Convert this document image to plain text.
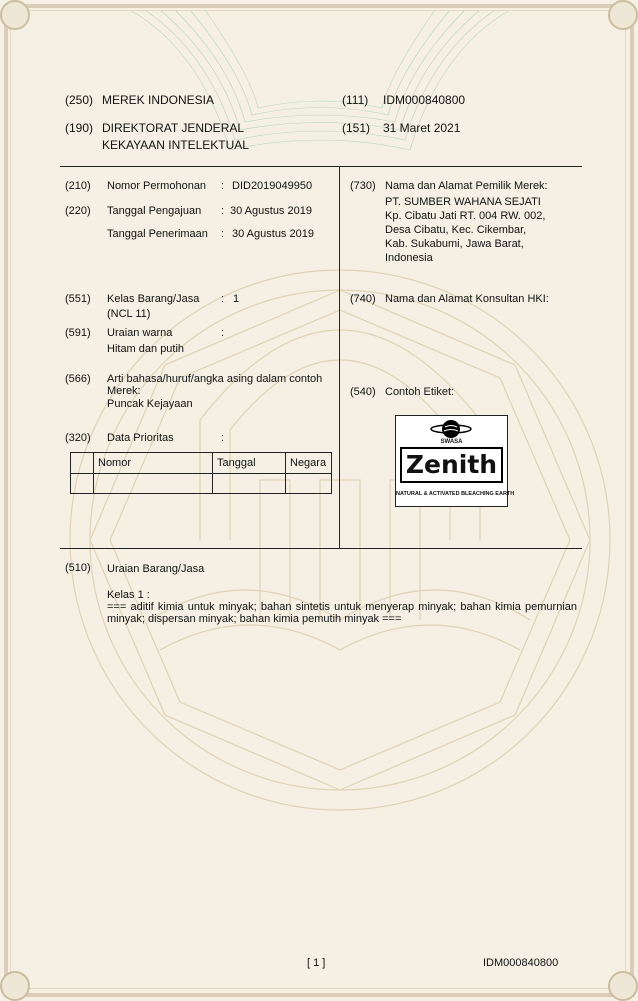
(250) MEREK INDONESIA	(111) IDM000840800
(190) DIREKTORAT JENDERAL
KEKAYAAN INTELEKTUAL
(151) 31 Maret 2021
(210) Nomor Permohonan : DID2019049950
(220) Tanggal Pengajuan : 30 Agustus 2019
Tanggal Penerimaan : 30 Agustus 2019
(551) Kelas Barang/Jasa : 1
(NCL 11)
(591) Uraian warna	:
Hitam dan putih
(566) Arti bahasa/huruf/angka asing dalam contoh
Merek:
Puncak Kejayaan
(320) Data Prioritas	:
	Nomor	Tanggal	Negara

(730) Nama dan Alamat Pemilik Merek:
PT. SUMBER WAHANA SEJATI
Kp. Cibatu Jati RT. 004 RW. 002,
Desa Cibatu, Kec. Cikembar,
Kab. Sukabumi, Jawa Barat,
Indonesia
(740) Nama dan Alamat Konsultan HKI:
(540) Contoh Etiket:
SWASA
Zenith
NATURAL & ACTIVATED BLEACHING EARTH
(510) Uraian Barang/Jasa
Kelas 1 :
=== aditif kimia untuk minyak; bahan sintetis untuk menyerap minyak; bahan kimia pemurnian minyak; dispersan minyak; bahan kimia pemutih minyak ===
[ 1 ]	IDM000840800
